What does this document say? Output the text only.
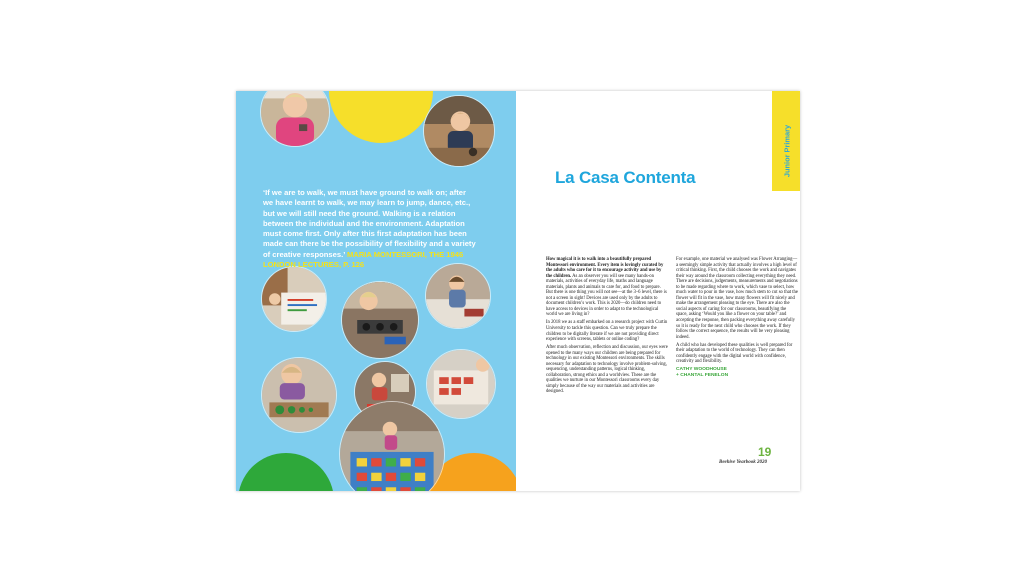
‘If we are to walk, we must have ground to walk on; after we have learnt to walk, we may learn to jump, dance, etc., but we will still need the ground. Walking is a relation between the individual and the environment. Adaptation must come first. Only after this first adaptation has been made can there be the possibility of flexibility and a variety of creative responses.’ MARIA MONTESSORI, THE 1946 LONDON LECTURES, P. 126
Junior Primary
La Casa Contenta

How magical it is to walk into a beautifully prepared Montessori environment. Every item is lovingly curated by the adults who care for it to encourage activity and use by the children. As an observer you will see many hands-on materials, activities of everyday life, maths and language materials, plants and animals to care for, and food to prepare. But there is one thing you will not see—at the 3–6 level, there is not a screen in sight! Devices are used only by the adults to document children’s work. This is 2020—do children need to have access to devices in order to adapt to the technological world we are living in?

In 2018 we as a staff embarked on a research project with Curtin University to tackle this question. Can we truly prepare the children to be digitally literate if we are not providing direct experience with screens, tablets or online coding?

After much observation, reflection and discussion, our eyes were opened to the many ways our children are being prepared for technology in our existing Montessori environments. The skills necessary for adaptation to technology involve problem-solving, sequencing, understanding patterns, logical thinking, collaboration, strong ethics and a worldview. These are the qualities we nurture in our Montessori classrooms every day simply because of the way our materials and activities are designed.

For example, one material we analysed was Flower Arranging—a seemingly simple activity that actually involves a high level of critical thinking. First, the child chooses the work and navigates their way around the classroom collecting everything they need. There are decisions, judgements, measurements and negotiations to be made regarding where to work, which vase to select, how much water to pour in the vase, how much stem to cut so that the flower will fit in the vase, how many flowers will fit nicely and make the arrangement pleasing to the eye. There are also the social aspects of caring for our classrooms, beautifying the space, asking ‘Would you like a flower on your table?’ and accepting the response, then packing everything away carefully so it is ready for the next child who chooses the work. If they follow the correct sequence, the results will be very pleasing indeed.

A child who has developed these qualities is well prepared for their adaptation to the world of technology. They can then confidently engage with the digital world with confidence, creativity and flexibility.

CATHY WOODHOUSE
+ CHANTAL FENELON
19
Beehive Yearbook 2020
